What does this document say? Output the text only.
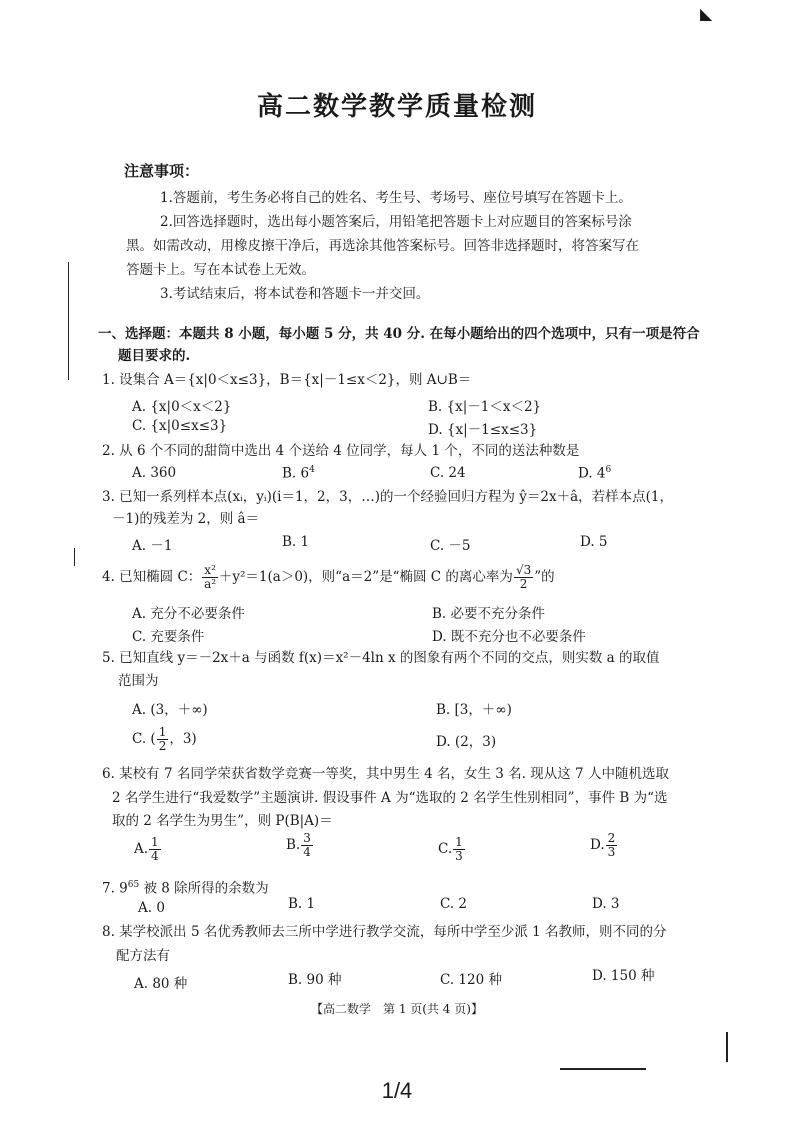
◣
高二数学教学质量检测
注意事项：
1.答题前，考生务必将自己的姓名、考生号、考场号、座位号填写在答题卡上。
2.回答选择题时，选出每小题答案后，用铅笔把答题卡上对应题目的答案标号涂
黑。如需改动，用橡皮擦干净后，再选涂其他答案标号。回答非选择题时，将答案写在
答题卡上。写在本试卷上无效。
3.考试结束后，将本试卷和答题卡一并交回。
一、选择题：本题共 8 小题，每小题 5 分，共 40 分. 在每小题给出的四个选项中，只有一项是符合
题目要求的.
1. 设集合 A＝{x|0＜x≤3}，B＝{x|－1≤x＜2}，则 A∪B＝
A. {x|0＜x＜2}	B. {x|－1＜x＜2}
C. {x|0≤x≤3}	D. {x|－1≤x≤3}
2. 从 6 个不同的甜筒中选出 4 个送给 4 位同学，每人 1 个，不同的送法种数是
A. 360	B. $6^4$	C. 24	D. $4^6$
3. 已知一系列样本点(xᵢ，yᵢ)(i＝1，2，3，…)的一个经验回归方程为 ŷ＝2x＋â，若样本点(1，
－1)的残差为 2，则 â＝
A. －1	B. 1	C. －5	D. 5
4. 已知椭圆 C： $\frac{\text{x²}}{\text{a²}} +y^2=1(a>0)$，则“a＝2”是“椭圆 C 的离心率为 $\frac{√3}{2}$ ”的
A. 充分不必要条件	B. 必要不充分条件
C. 充要条件	D. 既不充分也不必要条件
5. 已知直线 y＝－2x＋a 与函数 f(x)＝x²－4ln x 的图象有两个不同的交点，则实数 a 的取值
范围为
A. (3，＋∞)	B. [3，＋∞)
C. ( $\frac{1}{2}$ ，3)	D. (2，3)
6. 某校有 7 名同学荣获省数学竞赛一等奖，其中男生 4 名，女生 3 名. 现从这 7 人中随机选取
2 名学生进行“我爱数学”主题演讲. 假设事件 A 为“选取的 2 名学生性别相同”，事件 B 为“选
取的 2 名学生为男生”，则 P(B|A)＝
A. $\frac{1}{4}$	B. $\frac{3}{4}$	C. $\frac{1}{3}$	D. $\frac{2}{3}$
7. $9^{65}$ 被 8 除所得的余数为
A. 0	B. 1	C. 2	D. 3
8. 某学校派出 5 名优秀教师去三所中学进行教学交流，每所中学至少派 1 名教师，则不同的分
配方法有
A. 80 种	B. 90 种	C. 120 种	D. 150 种
【高二数学　第 1 页(共 4 页)】
1/4
